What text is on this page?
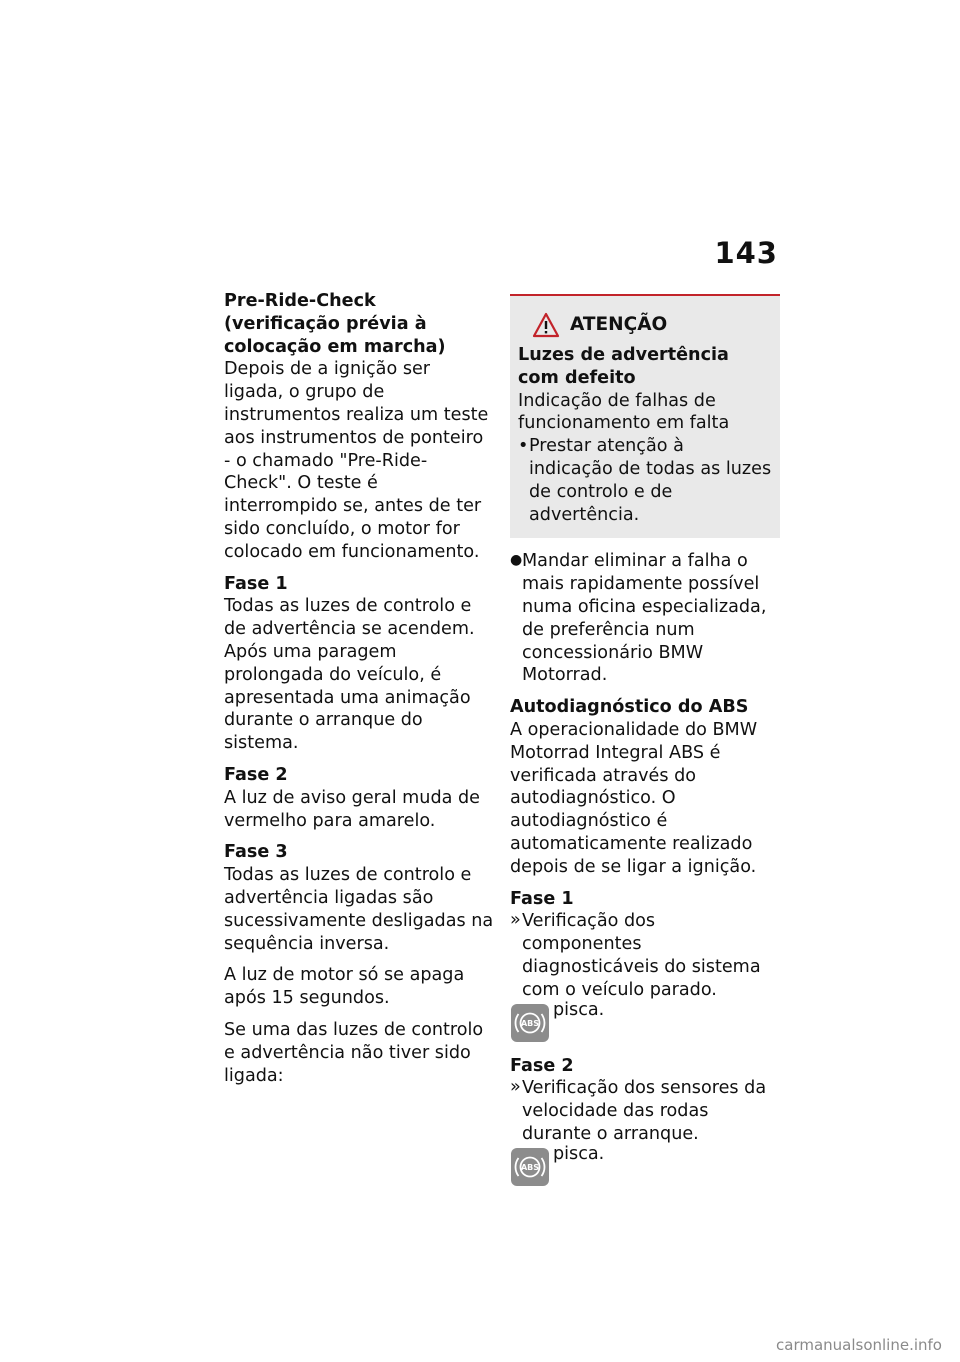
143

Pre-Ride-Check (verificação prévia à colocação em marcha)

Depois de a ignição ser ligada, o grupo de instrumentos realiza um teste aos instrumentos de ponteiro - o chamado "Pre-Ride-Check". O teste é interrompido se, antes de ter sido concluído, o motor for colocado em funcionamento.

Fase 1

Todas as luzes de controlo e de advertência se acendem.

Após uma paragem prolongada do veículo, é apresentada uma animação durante o arranque do sistema.

Fase 2

A luz de aviso geral muda de vermelho para amarelo.

Fase 3

Todas as luzes de controlo e advertência ligadas são sucessivamente desligadas na sequência inversa.

A luz de motor só se apaga após 15 segundos.

Se uma das luzes de controlo e advertência não tiver sido ligada:

ATENÇÃO

Luzes de advertência com defeito

Indicação de falhas de funcionamento em falta

• Prestar atenção à indicação de todas as luzes de controlo e de advertência.

● Mandar eliminar a falha o mais rapidamente possível numa oficina especializada, de preferência num concessionário BMW Motorrad.

Autodiagnóstico do ABS

A operacionalidade do BMW Motorrad Integral ABS é verificada através do autodiagnóstico. O autodiagnóstico é automaticamente realizado depois de se ligar a ignição.

Fase 1

» Verificação dos componentes diagnosticáveis do sistema com o veículo parado.

ABS
pisca.

Fase 2

» Verificação dos sensores da velocidade das rodas durante o arranque.

ABS
pisca.
carmanualsonline.info
